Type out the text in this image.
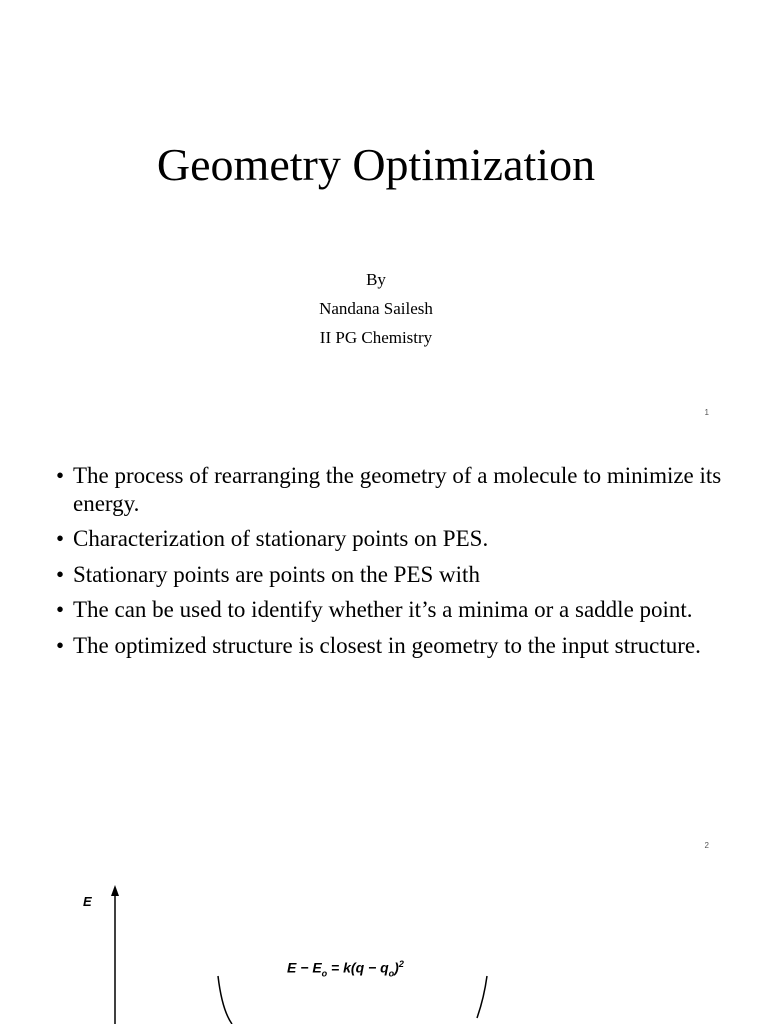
Geometry Optimization
By
Nandana Sailesh
II PG Chemistry
1
• The process of rearranging the geometry of a molecule to minimize its energy.
• Characterization of stationary points on PES.
• Stationary points are points on the PES with
• The can be used to identify whether it’s a minima or a saddle point.
• The optimized structure is closest in geometry to the input structure.
2
E
$E - E_o = k(q - q_o)^2$
